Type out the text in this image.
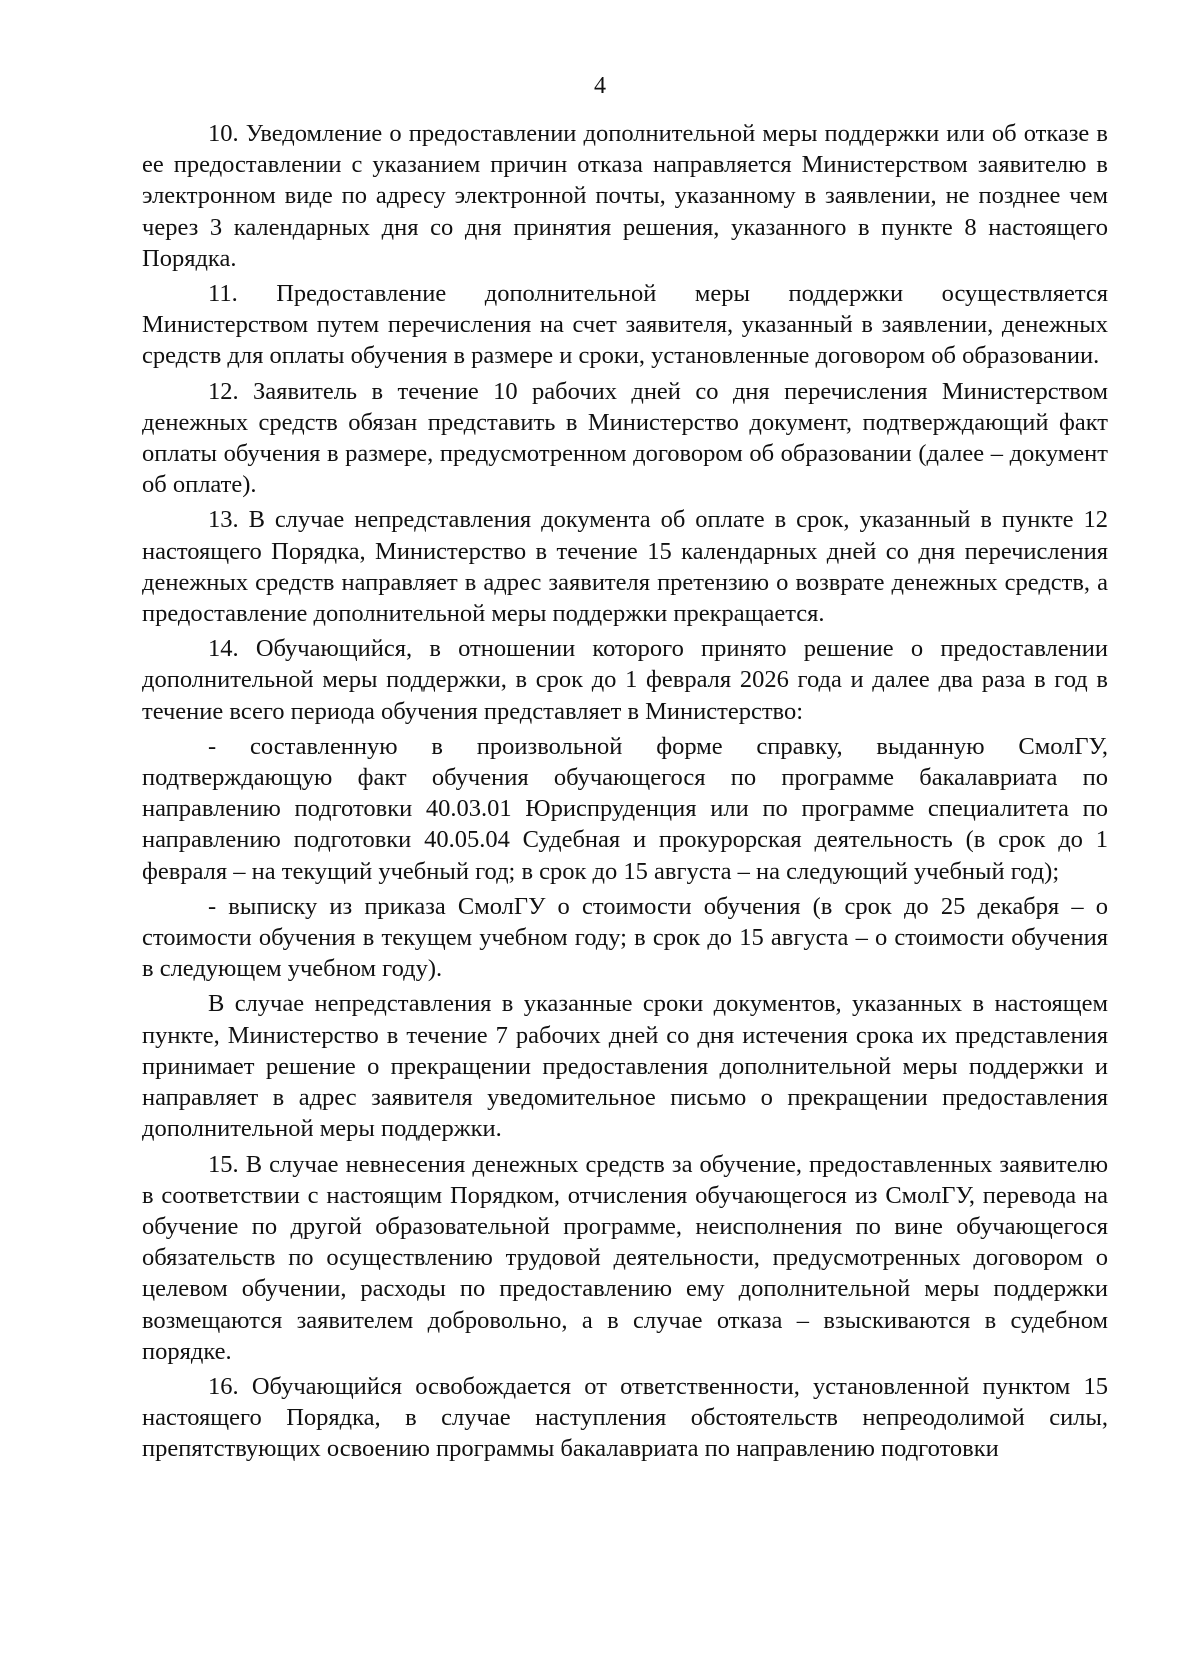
4

10. Уведомление о предоставлении дополнительной меры поддержки или об отказе в ее предоставлении с указанием причин отказа направляется Министерством заявителю в электронном виде по адресу электронной почты, указанному в заявлении, не позднее чем через 3 календарных дня со дня принятия решения, указанного в пункте 8 настоящего Порядка.

11. Предоставление дополнительной меры поддержки осуществляется Министерством путем перечисления на счет заявителя, указанный в заявлении, денежных средств для оплаты обучения в размере и сроки, установленные договором об образовании.

12. Заявитель в течение 10 рабочих дней со дня перечисления Министерством денежных средств обязан представить в Министерство документ, подтверждающий факт оплаты обучения в размере, предусмотренном договором об образовании (далее – документ об оплате).

13. В случае непредставления документа об оплате в срок, указанный в пункте 12 настоящего Порядка, Министерство в течение 15 календарных дней со дня перечисления денежных средств направляет в адрес заявителя претензию о возврате денежных средств, а предоставление дополнительной меры поддержки прекращается.

14. Обучающийся, в отношении которого принято решение о предоставлении дополнительной меры поддержки, в срок до 1 февраля 2026 года и далее два раза в год в течение всего периода обучения представляет в Министерство:

- составленную в произвольной форме справку, выданную СмолГУ, подтверждающую факт обучения обучающегося по программе бакалавриата по направлению подготовки 40.03.01 Юриспруденция или по программе специалитета по направлению подготовки 40.05.04 Судебная и прокурорская деятельность (в срок до 1 февраля – на текущий учебный год; в срок до 15 августа – на следующий учебный год);

- выписку из приказа СмолГУ о стоимости обучения (в срок до 25 декабря – о стоимости обучения в текущем учебном году; в срок до 15 августа – о стоимости обучения в следующем учебном году).

В случае непредставления в указанные сроки документов, указанных в настоящем пункте, Министерство в течение 7 рабочих дней со дня истечения срока их представления принимает решение о прекращении предоставления дополнительной меры поддержки и направляет в адрес заявителя уведомительное письмо о прекращении предоставления дополнительной меры поддержки.

15. В случае невнесения денежных средств за обучение, предоставленных заявителю в соответствии с настоящим Порядком, отчисления обучающегося из СмолГУ, перевода на обучение по другой образовательной программе, неисполнения по вине обучающегося обязательств по осуществлению трудовой деятельности, предусмотренных договором о целевом обучении, расходы по предоставлению ему дополнительной меры поддержки возмещаются заявителем добровольно, а в случае отказа – взыскиваются в судебном порядке.

16. Обучающийся освобождается от ответственности, установленной пунктом 15 настоящего Порядка, в случае наступления обстоятельств непреодолимой силы, препятствующих освоению программы бакалавриата по направлению подготовки
